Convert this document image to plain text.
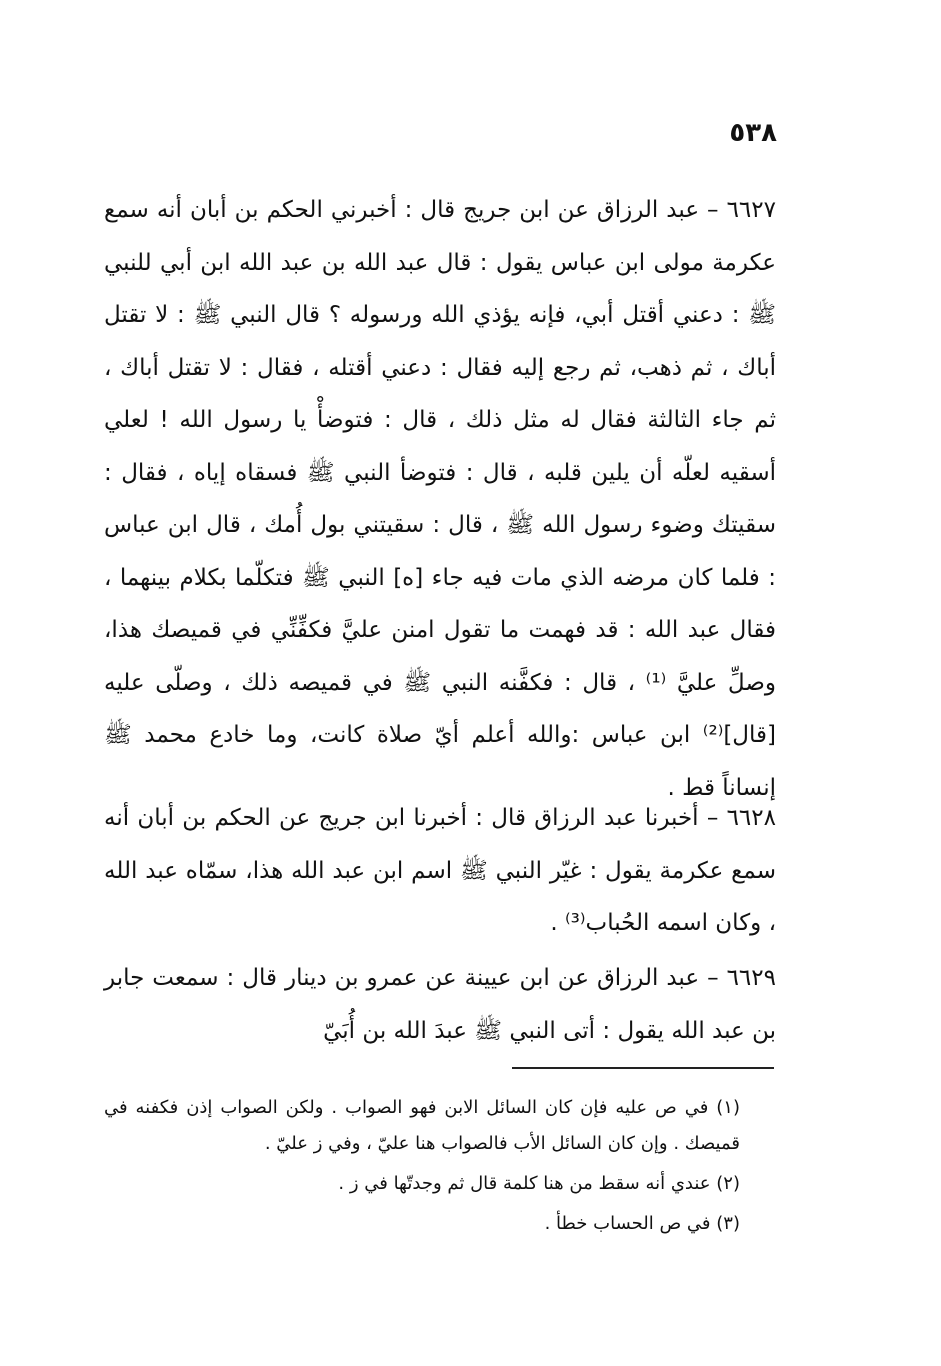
٥٣٨

٦٦٢٧ – عبد الرزاق عن ابن جريج قال : أخبرني الحكم بن أبان أنه سمع عكرمة مولى ابن عباس يقول : قال عبد الله بن عبد الله ابن أبي للنبي ﷺ : دعني أقتل أبي، فإنه يؤذي الله ورسوله ؟ قال النبي ﷺ : لا تقتل أباك ، ثم ذهب، ثم رجع إليه فقال : دعني أقتله ، فقال : لا تقتل أباك ، ثم جاء الثالثة فقال له مثل ذلك ، قال : فتوضأْ يا رسول الله ! لعلي أسقيه لعلّه أن يلين قلبه ، قال : فتوضأ النبي ﷺ فسقاه إياه ، فقال : سقيتك وضوء رسول الله ﷺ ، قال : سقيتني بول أُمك ، قال ابن عباس : فلما كان مرضه الذي مات فيه جاء [ه] النبي ﷺ فتكلّما بكلام بينهما ، فقال عبد الله : قد فهمت ما تقول امنن عليَّ فكفِّنِّي في قميصك هذا، وصلِّ عليَّ ⁽¹⁾ ، قال : فكفَّنه النبي ﷺ في قميصه ذلك ، وصلّى عليه [قال]⁽²⁾ ابن عباس :والله أعلم أيّ صلاة كانت، وما خادع محمد ﷺ إنساناً قط .

٦٦٢٨ – أخبرنا عبد الرزاق قال : أخبرنا ابن جريج عن الحكم بن أبان أنه سمع عكرمة يقول : غيّر النبي ﷺ اسم ابن عبد الله هذا، سمّاه عبد الله ، وكان اسمه الحُباب⁽³⁾ .

٦٦٢٩ – عبد الرزاق عن ابن عيينة عن عمرو بن دينار قال : سمعت جابر بن عبد الله يقول : أتى النبي ﷺ عبدَ الله بن أُبَيّ

(١) في ص عليه فإن كان السائل الابن فهو الصواب . ولكن الصواب إذن فكفنه في قميصك . وإن كان السائل الأب فالصواب هنا عليّ ، وفي ز عليّ .

(٢) عندي أنه سقط من هنا كلمة قال ثم وجدتّها في ز .

(٣) في ص الحساب خطأ .
